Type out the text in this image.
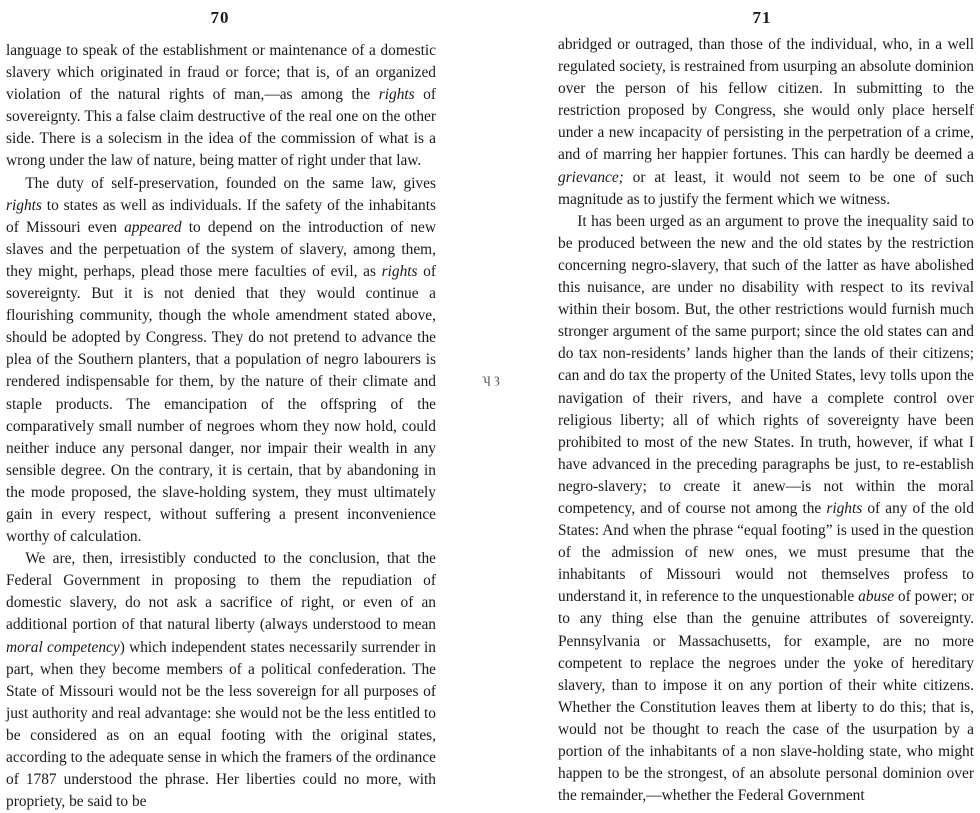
70

language to speak of the establishment or maintenance of a domestic slavery which originated in fraud or force; that is, of an organized violation of the natural rights of man,—as among the rights of sovereignty. This a false claim destructive of the real one on the other side. There is a solecism in the idea of the commission of what is a wrong under the law of nature, being matter of right under that law.

The duty of self-preservation, founded on the same law, gives rights to states as well as individuals. If the safety of the inhabitants of Missouri even appeared to depend on the introduction of new slaves and the perpetuation of the system of slavery, among them, they might, perhaps, plead those mere faculties of evil, as rights of sovereignty. But it is not denied that they would continue a flourishing community, though the whole amendment stated above, should be adopted by Congress. They do not pretend to advance the plea of the Southern planters, that a population of negro labourers is rendered indispensable for them, by the nature of their climate and staple products. The emancipation of the offspring of the comparatively small number of negroes whom they now hold, could neither induce any personal danger, nor impair their wealth in any sensible degree. On the contrary, it is certain, that by abandoning in the mode proposed, the slave-holding system, they must ultimately gain in every respect, without suffering a present inconvenience worthy of calculation.

We are, then, irresistibly conducted to the conclusion, that the Federal Government in proposing to them the repudiation of domestic slavery, do not ask a sacrifice of right, or even of an additional portion of that natural liberty (always understood to mean moral competency) which independent states necessarily surrender in part, when they become members of a political confederation. The State of Missouri would not be the less sovereign for all purposes of just authority and real advantage: she would not be the less entitled to be considered as on an equal footing with the original states, according to the adequate sense in which the framers of the ordinance of 1787 understood the phrase. Her liberties could no more, with propriety, be said to be

ʮ ȝ
71

abridged or outraged, than those of the individual, who, in a well regulated society, is restrained from usurping an absolute dominion over the person of his fellow citizen. In submitting to the restriction proposed by Congress, she would only place herself under a new incapacity of persisting in the perpetration of a crime, and of marring her happier fortunes. This can hardly be deemed a grievance; or at least, it would not seem to be one of such magnitude as to justify the ferment which we witness.

It has been urged as an argument to prove the inequality said to be produced between the new and the old states by the restriction concerning negro-slavery, that such of the latter as have abolished this nuisance, are under no disability with respect to its revival within their bosom. But, the other restrictions would furnish much stronger argument of the same purport; since the old states can and do tax non-residents’ lands higher than the lands of their citizens; can and do tax the property of the United States, levy tolls upon the navigation of their rivers, and have a complete control over religious liberty; all of which rights of sovereignty have been prohibited to most of the new States. In truth, however, if what I have advanced in the preceding paragraphs be just, to re-establish negro-slavery; to create it anew—is not within the moral competency, and of course not among the rights of any of the old States: And when the phrase “equal footing” is used in the question of the admission of new ones, we must presume that the inhabitants of Missouri would not themselves profess to understand it, in reference to the unquestionable abuse of power; or to any thing else than the genuine attributes of sovereignty. Pennsylvania or Massachusetts, for example, are no more competent to replace the negroes under the yoke of hereditary slavery, than to impose it on any portion of their white citizens. Whether the Constitution leaves them at liberty to do this; that is, would not be thought to reach the case of the usurpation by a portion of the inhabitants of a non slave-holding state, who might happen to be the strongest, of an absolute personal dominion over the remainder,—whether the Federal Government
